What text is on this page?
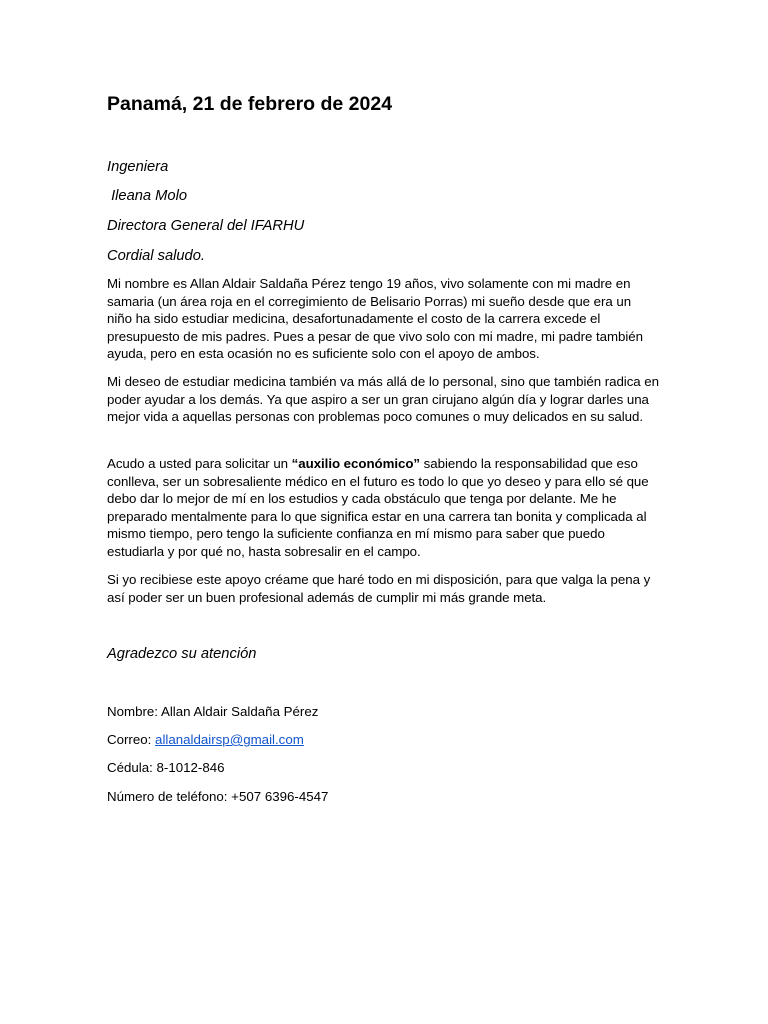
Panamá, 21 de febrero de 2024

Ingeniera

Ileana Molo

Directora General del IFARHU

Cordial saludo.

Mi nombre es Allan Aldair Saldaña Pérez tengo 19 años, vivo solamente con mi madre en samaria (un área roja en el corregimiento de Belisario Porras) mi sueño desde que era un niño ha sido estudiar medicina, desafortunadamente el costo de la carrera excede el presupuesto de mis padres. Pues a pesar de que vivo solo con mi madre, mi padre también ayuda, pero en esta ocasión no es suficiente solo con el apoyo de ambos.

Mi deseo de estudiar medicina también va más allá de lo personal, sino que también radica en poder ayudar a los demás. Ya que aspiro a ser un gran cirujano algún día y lograr darles una mejor vida a aquellas personas con problemas poco comunes o muy delicados en su salud.

Acudo a usted para solicitar un “auxilio económico” sabiendo la responsabilidad que eso conlleva, ser un sobresaliente médico en el futuro es todo lo que yo deseo y para ello sé que debo dar lo mejor de mí en los estudios y cada obstáculo que tenga por delante. Me he preparado mentalmente para lo que significa estar en una carrera tan bonita y complicada al mismo tiempo, pero tengo la suficiente confianza en mí mismo para saber que puedo estudiarla y por qué no, hasta sobresalir en el campo.

Si yo recibiese este apoyo créame que haré todo en mi disposición, para que valga la pena y así poder ser un buen profesional además de cumplir mi más grande meta.

Agradezco su atención

Nombre: Allan Aldair Saldaña Pérez

Correo: allanaldairsp@gmail.com

Cédula: 8-1012-846

Número de teléfono: +507 6396-4547
